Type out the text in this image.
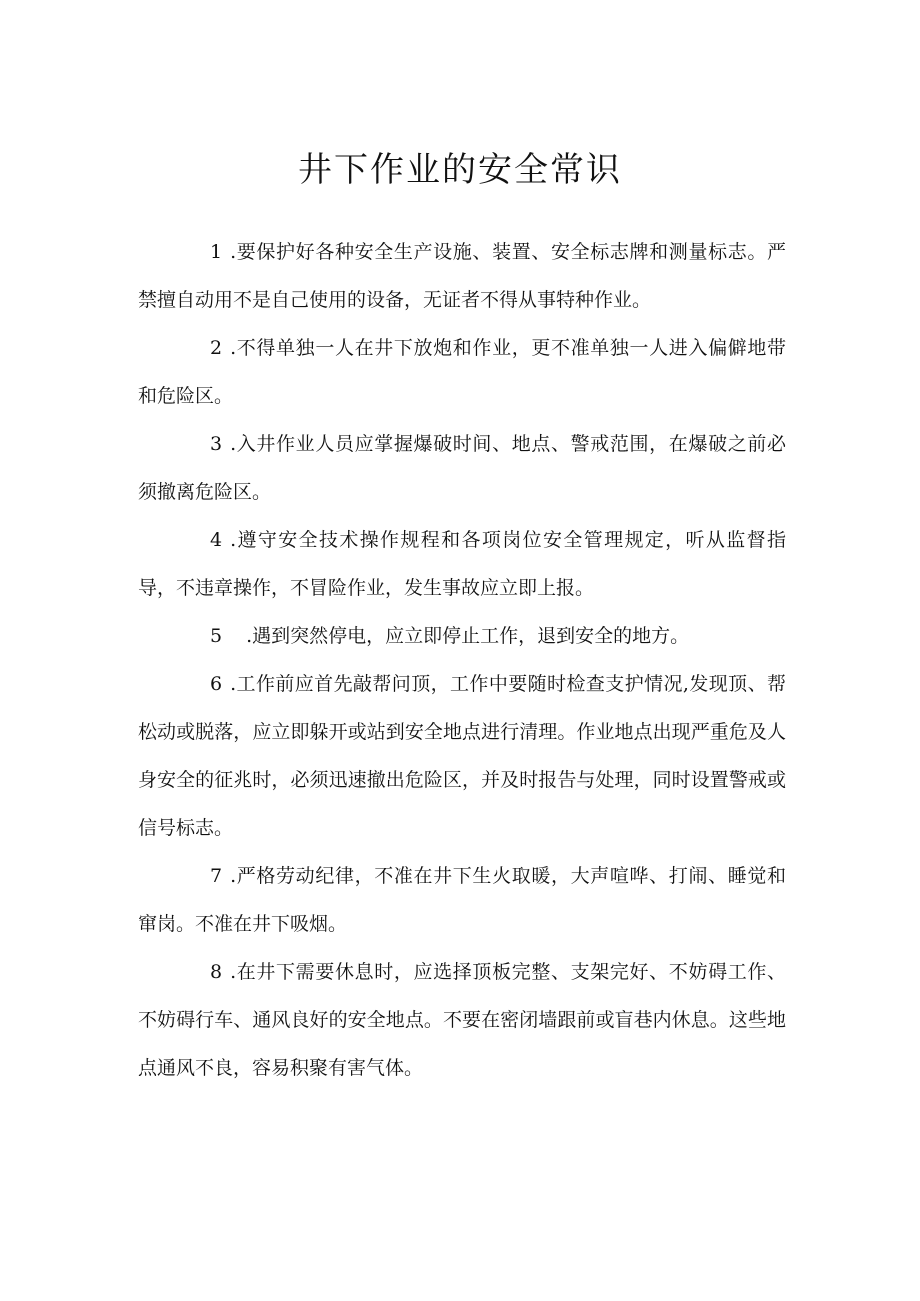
井下作业的安全常识

1 .要保护好各种安全生产设施、装置、安全标志牌和测量标志。严禁擅自动用不是自己使用的设备，无证者不得从事特种作业。

2 .不得单独一人在井下放炮和作业，更不准单独一人进入偏僻地带和危险区。

3 .入井作业人员应掌握爆破时间、地点、警戒范围，在爆破之前必须撤离危险区。

4 .遵守安全技术操作规程和各项岗位安全管理规定，听从监督指导，不违章操作，不冒险作业，发生事故应立即上报。

5 .遇到突然停电，应立即停止工作，退到安全的地方。

6 .工作前应首先敲帮问顶，工作中要随时检查支护情况,发现顶、帮松动或脱落，应立即躲开或站到安全地点进行清理。作业地点出现严重危及人身安全的征兆时，必须迅速撤出危险区，并及时报告与处理，同时设置警戒或信号标志。

7 .严格劳动纪律，不准在井下生火取暖，大声喧哗、打闹、睡觉和窜岗。不准在井下吸烟。

8 .在井下需要休息时，应选择顶板完整、支架完好、不妨碍工作、不妨碍行车、通风良好的安全地点。不要在密闭墙跟前或盲巷内休息。这些地点通风不良，容易积聚有害气体。
